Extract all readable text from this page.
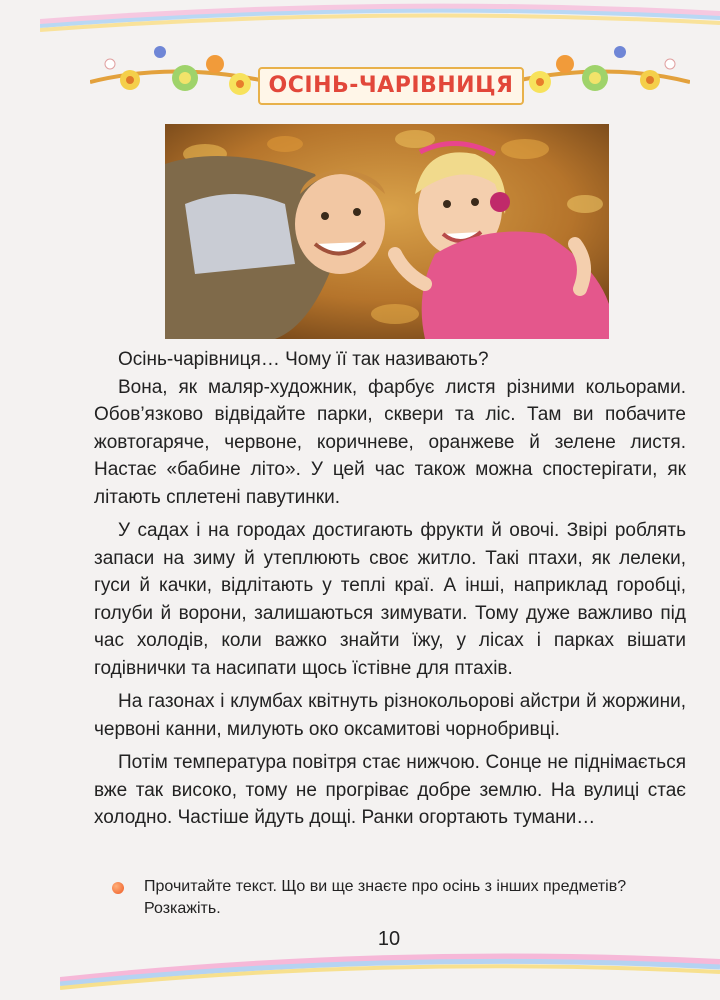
ОСІНЬ-ЧАРІВНИЦЯ

Осінь-чарівниця… Чому її так називають?

Вона, як маляр-художник, фарбує листя різними кольорами. Обов’язково відвідайте парки, сквери та ліс. Там ви побачите жовтогаряче, червоне, коричневе, оранжеве й зелене листя. Настає «бабине літо». У цей час також можна спостерігати, як літають сплетені павутинки.

У садах і на городах достигають фрукти й овочі. Звірі роблять запаси на зиму й утеплюють своє житло. Такі птахи, як лелеки, гуси й качки, відлітають у теплі краї. А інші, наприклад горобці, голуби й ворони, залишаються зимувати. Тому дуже важливо під час холодів, коли важко знайти їжу, у лісах і парках вішати годівнички та насипати щось їстівне для птахів.

На газонах і клумбах квітнуть різнокольорові айстри й жоржини, червоні канни, милують око оксамитові чорнобривці.

Потім температура повітря стає нижчою. Сонце не піднімається вже так високо, тому не прогріває добре землю. На вулиці стає холодно. Частіше йдуть дощі. Ранки огортають тумани…

Прочитайте текст. Що ви ще знаєте про осінь з інших предметів? Розкажіть.
10
